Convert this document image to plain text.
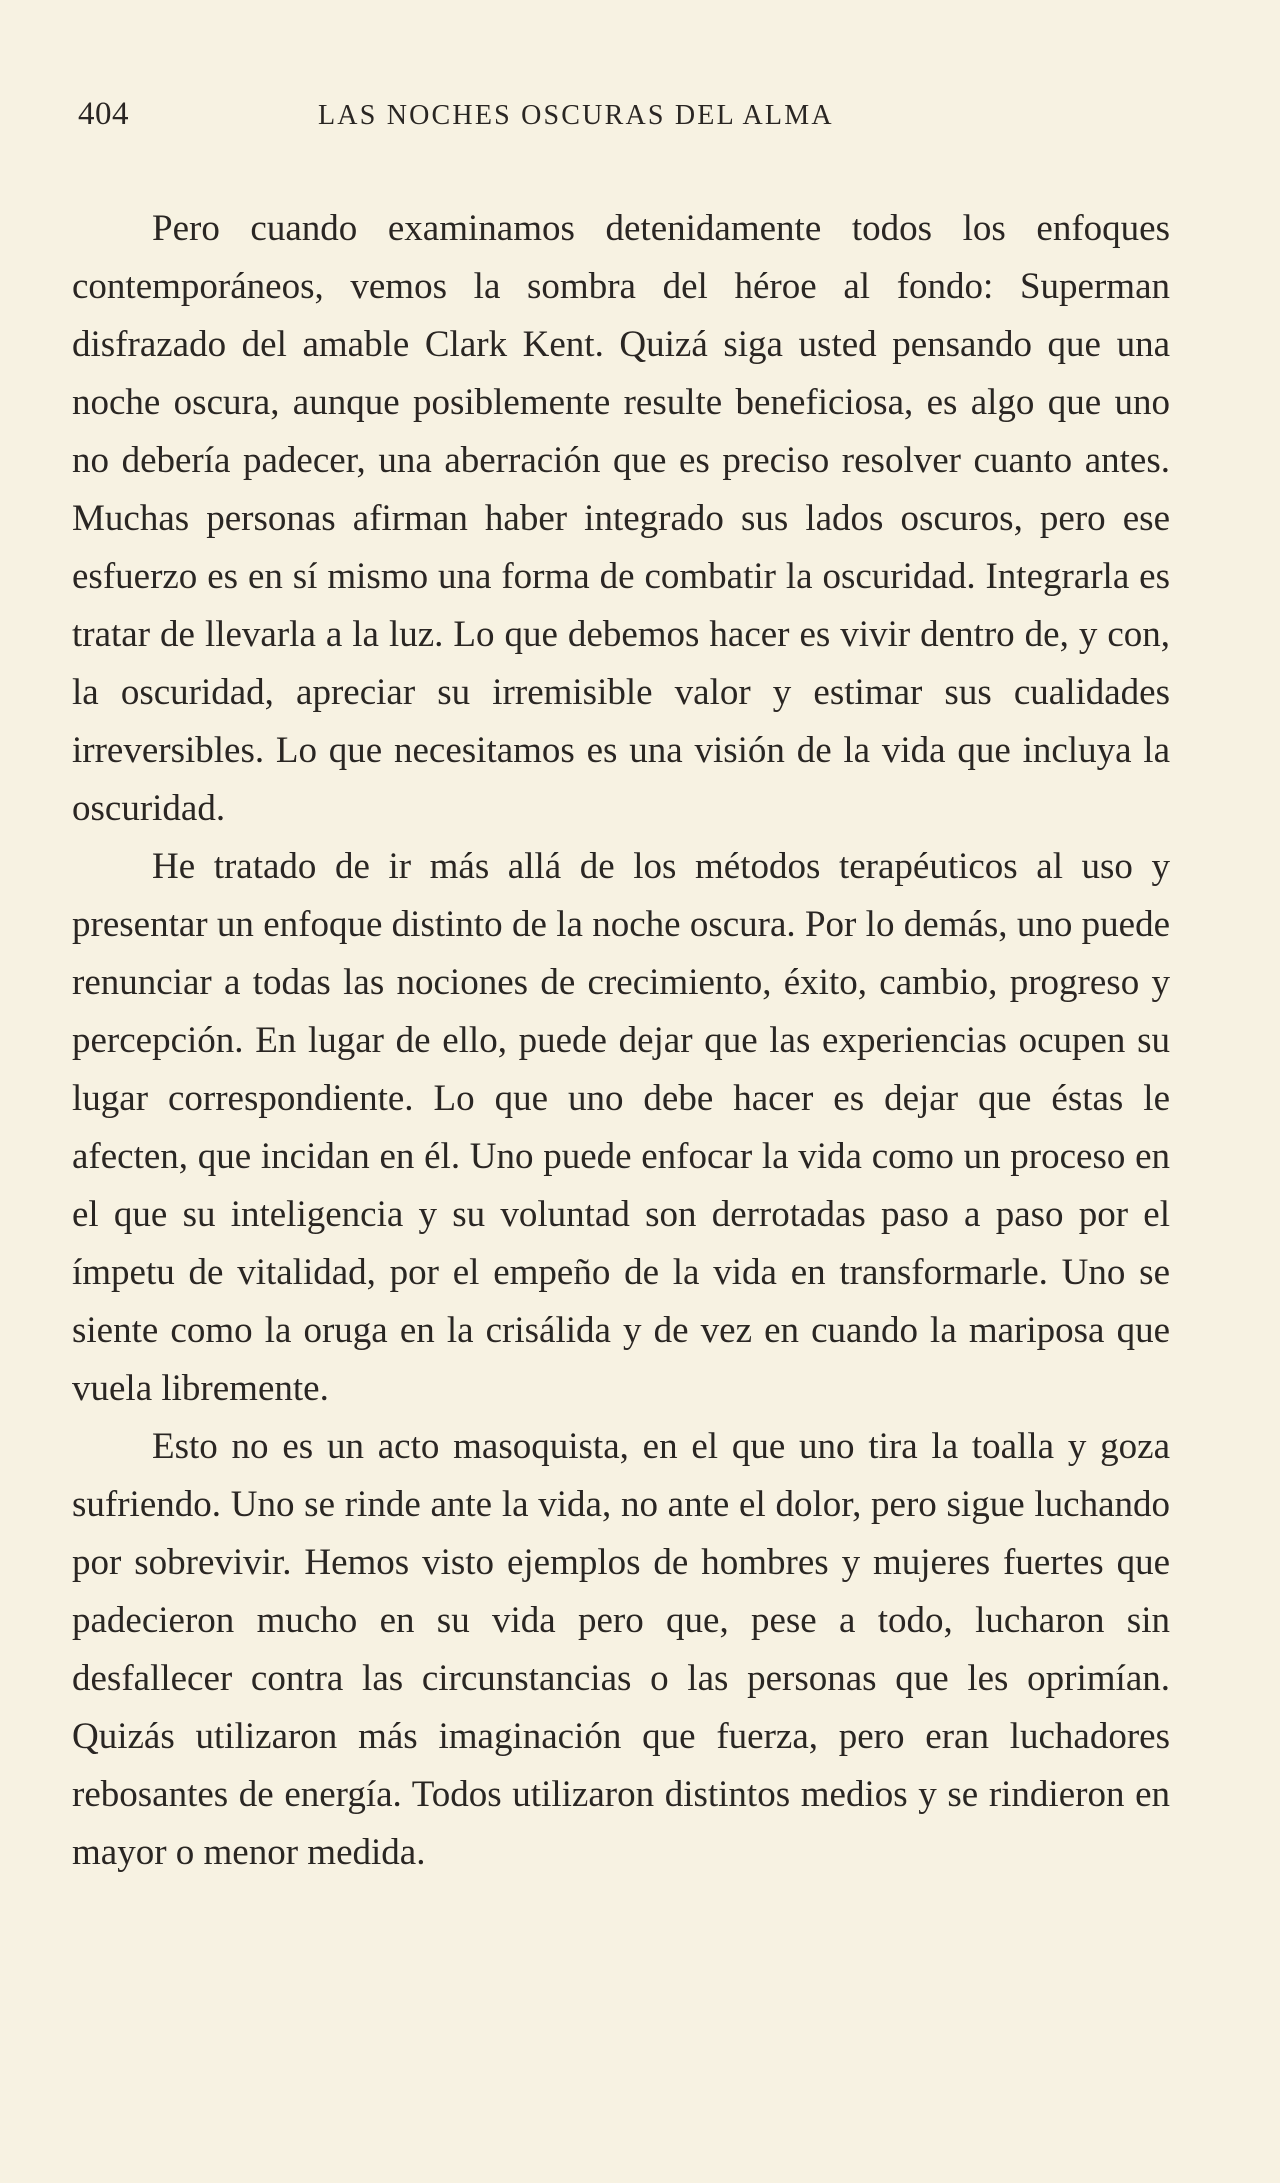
404	LAS NOCHES OSCURAS DEL ALMA

Pero cuando examinamos detenidamente todos los enfoques contemporáneos, vemos la sombra del héroe al fondo: Superman disfrazado del amable Clark Kent. Quizá siga usted pensando que una noche oscura, aunque posiblemente resulte beneficiosa, es algo que uno no debería padecer, una aberración que es preciso resolver cuanto antes. Muchas personas afirman haber integrado sus lados oscuros, pero ese esfuerzo es en sí mismo una forma de combatir la oscuridad. Integrarla es tratar de llevarla a la luz. Lo que debemos hacer es vivir dentro de, y con, la oscuridad, apreciar su irremisible valor y estimar sus cualidades irreversibles. Lo que necesitamos es una visión de la vida que incluya la oscuridad.

He tratado de ir más allá de los métodos terapéuticos al uso y presentar un enfoque distinto de la noche oscura. Por lo demás, uno puede renunciar a todas las nociones de crecimiento, éxito, cambio, progreso y percepción. En lugar de ello, puede dejar que las experiencias ocupen su lugar correspondiente. Lo que uno debe hacer es dejar que éstas le afecten, que incidan en él. Uno puede enfocar la vida como un proceso en el que su inteligencia y su voluntad son derrotadas paso a paso por el ímpetu de vitalidad, por el empeño de la vida en transformarle. Uno se siente como la oruga en la crisálida y de vez en cuando la mariposa que vuela libremente.

Esto no es un acto masoquista, en el que uno tira la toalla y goza sufriendo. Uno se rinde ante la vida, no ante el dolor, pero sigue luchando por sobrevivir. Hemos visto ejemplos de hombres y mujeres fuertes que padecieron mucho en su vida pero que, pese a todo, lucharon sin desfallecer contra las circunstancias o las personas que les oprimían. Quizás utilizaron más imaginación que fuerza, pero eran luchadores rebosantes de energía. Todos utilizaron distintos medios y se rindieron en mayor o menor medida.
